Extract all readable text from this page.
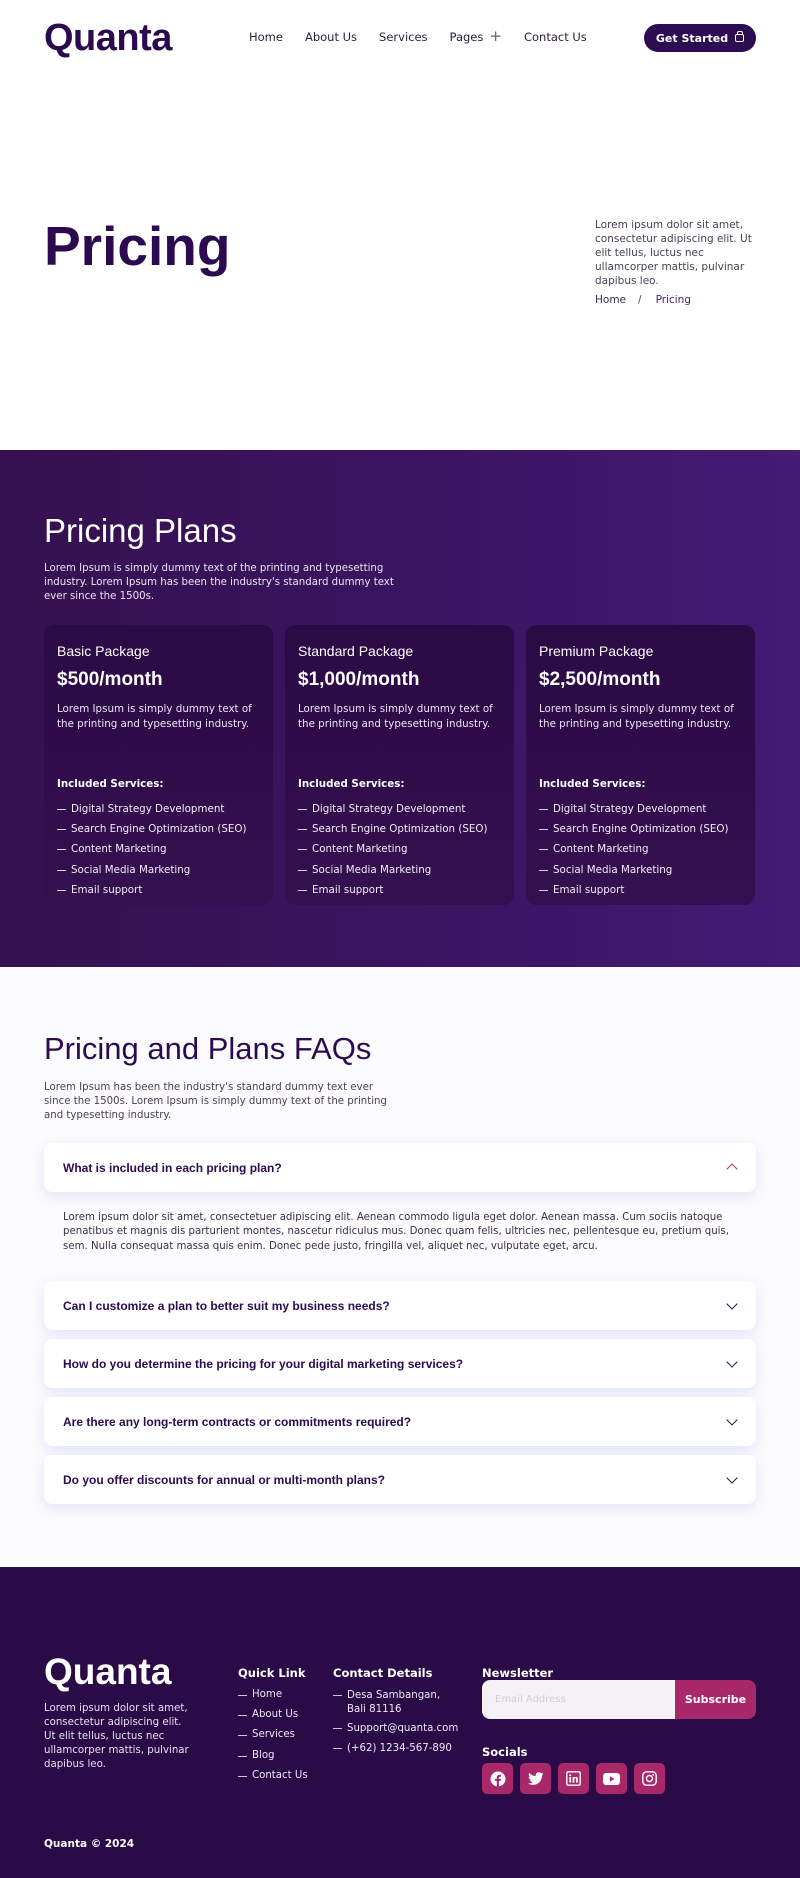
Quanta	Home About Us Services Pages + Contact Us	Get Started
Pricing	Lorem ipsum dolor sit amet, consectetur adipiscing elit. Ut elit tellus, luctus nec ullamcorper mattis, pulvinar dapibus leo.

Home / Pricing
Pricing Plans

Lorem Ipsum is simply dummy text of the printing and typesetting industry. Lorem Ipsum has been the industry's standard dummy text ever since the 1500s.

Basic Package
$500/month

Lorem Ipsum is simply dummy text of the printing and typesetting industry.

Included Services:
Digital Strategy Development
Search Engine Optimization (SEO)
Content Marketing
Social Media Marketing
Email support
Standard Package
$1,000/month

Lorem Ipsum is simply dummy text of the printing and typesetting industry.

Included Services:
Digital Strategy Development
Search Engine Optimization (SEO)
Content Marketing
Social Media Marketing
Email support
Premium Package
$2,500/month

Lorem Ipsum is simply dummy text of the printing and typesetting industry.

Included Services:
Digital Strategy Development
Search Engine Optimization (SEO)
Content Marketing
Social Media Marketing
Email support
Pricing and Plans FAQs

Lorem Ipsum has been the industry's standard dummy text ever since the 1500s. Lorem Ipsum is simply dummy text of the printing and typesetting industry.

What is included in each pricing plan?

Lorem ipsum dolor sit amet, consectetuer adipiscing elit. Aenean commodo ligula eget dolor. Aenean massa. Cum sociis natoque penatibus et magnis dis parturient montes, nascetur ridiculus mus. Donec quam felis, ultricies nec, pellentesque eu, pretium quis, sem. Nulla consequat massa quis enim. Donec pede justo, fringilla vel, aliquet nec, vulputate eget, arcu.

Can I customize a plan to better suit my business needs?
How do you determine the pricing for your digital marketing services?
Are there any long-term contracts or commitments required?
Do you offer discounts for annual or multi-month plans?
Quanta

Lorem ipsum dolor sit amet, consectetur adipiscing elit. Ut elit tellus, luctus nec ullamcorper mattis, pulvinar dapibus leo.

Quick Link
Home
About Us
Services
Blog
Contact Us
Contact Details
Desa Sambangan, Bali 81116
Support@quanta.com
(+62) 1234-567-890
Newsletter
Email Address
Subscribe
Socials
Quanta © 2024
